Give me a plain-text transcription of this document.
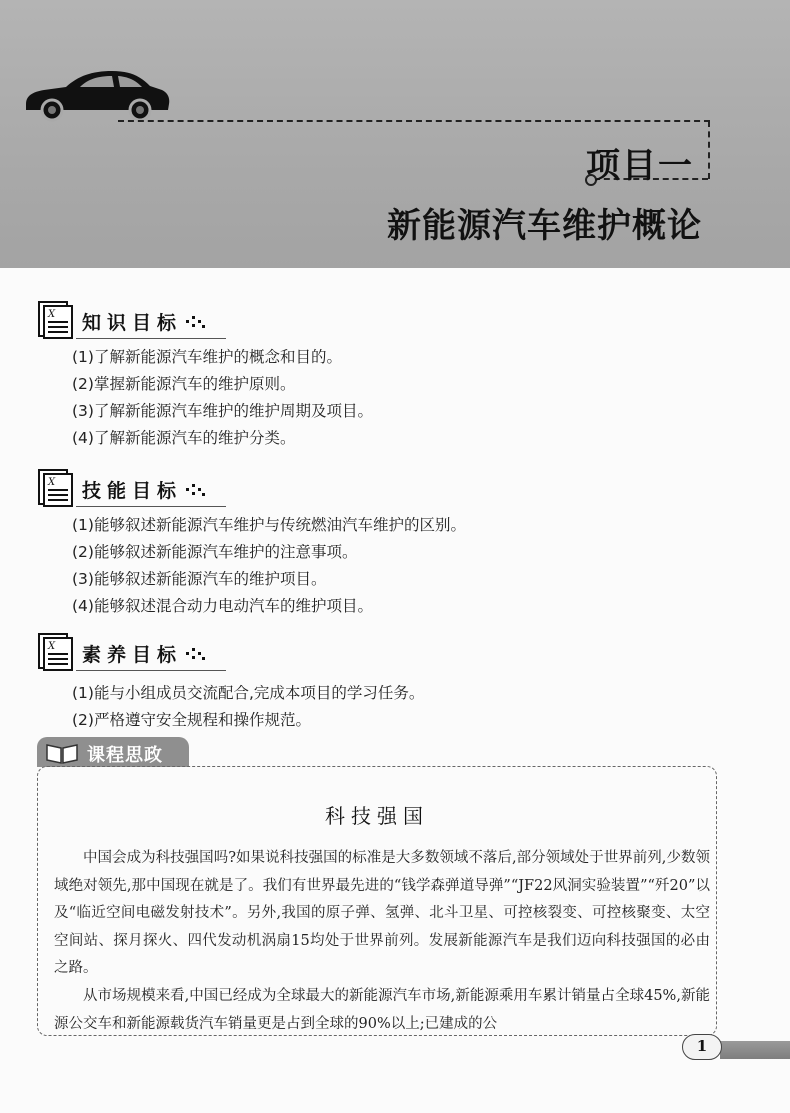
项目一
新能源汽车维护概论
X 知识目标
(1)了解新能源汽车维护的概念和目的。
(2)掌握新能源汽车的维护原则。
(3)了解新能源汽车维护的维护周期及项目。
(4)了解新能源汽车的维护分类。
X 技能目标
(1)能够叙述新能源汽车维护与传统燃油汽车维护的区别。
(2)能够叙述新能源汽车维护的注意事项。
(3)能够叙述新能源汽车的维护项目。
(4)能够叙述混合动力电动汽车的维护项目。
X 素养目标
(1)能与小组成员交流配合,完成本项目的学习任务。
(2)严格遵守安全规程和操作规范。
课程思政
科技强国

中国会成为科技强国吗?如果说科技强国的标准是大多数领域不落后,部分领域处于世界前列,少数领域绝对领先,那中国现在就是了。我们有世界最先进的“钱学森弹道导弹”“JF22风洞实验装置”“歼20”以及“临近空间电磁发射技术”。另外,我国的原子弹、氢弹、北斗卫星、可控核裂变、可控核聚变、太空空间站、探月探火、四代发动机涡扇15均处于世界前列。发展新能源汽车是我们迈向科技强国的必由之路。

从市场规模来看,中国已经成为全球最大的新能源汽车市场,新能源乘用车累计销量占全球45%,新能源公交车和新能源载货汽车销量更是占到全球的90%以上;已建成的公

1
